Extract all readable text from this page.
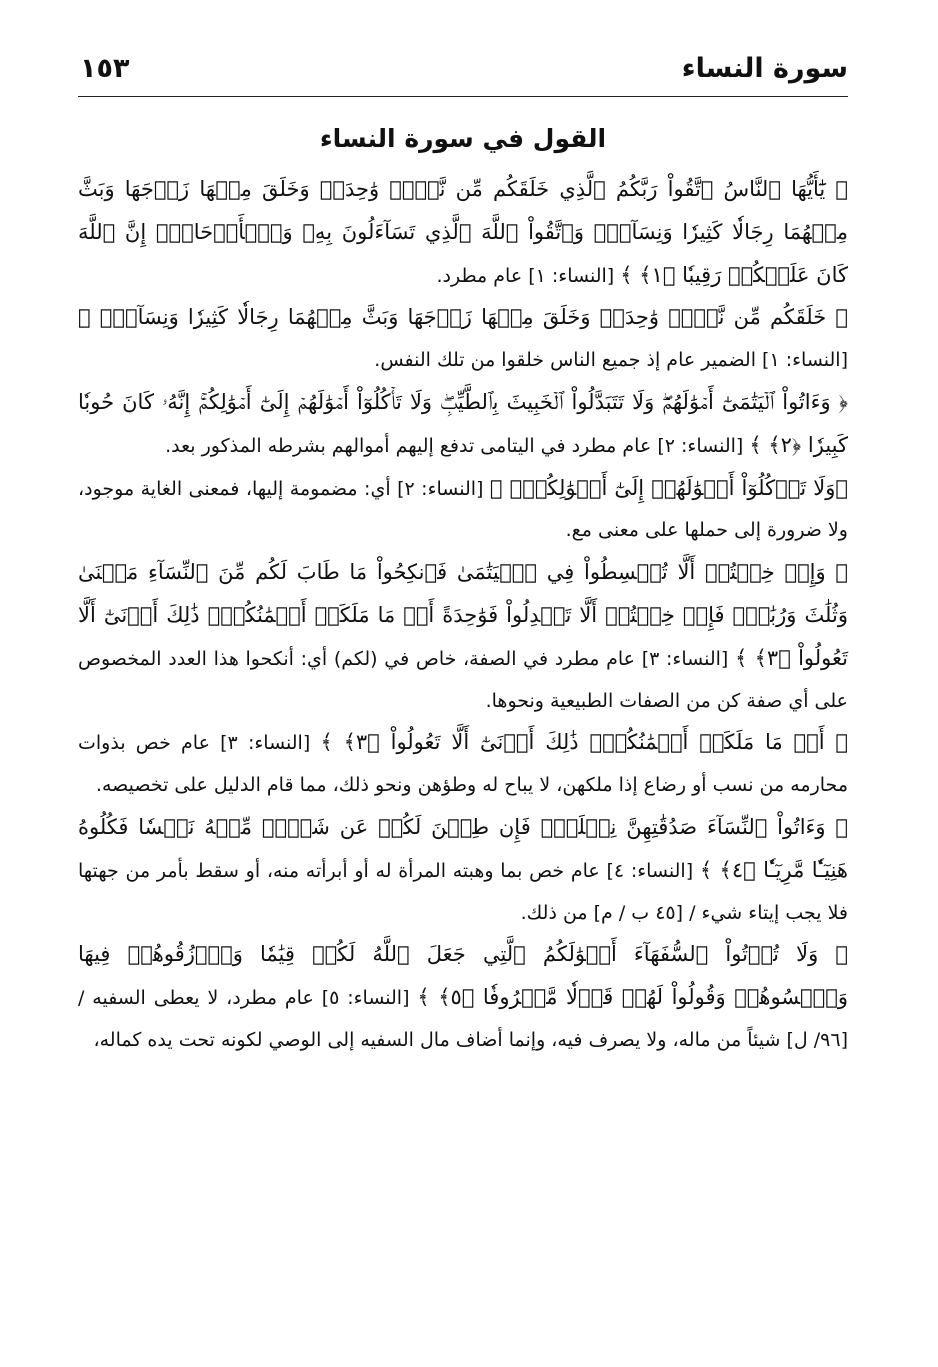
سورة النساء
١٥٣
القول في سورة النساء

﴿ يَٰٓأَيُّهَا ٱلنَّاسُ ٱتَّقُواْ رَبَّكُمُ ٱلَّذِي خَلَقَكُم مِّن نَّفۡسٖ وَٰحِدَةٖ وَخَلَقَ مِنۡهَا زَوۡجَهَا وَبَثَّ مِنۡهُمَا رِجَالٗا كَثِيرٗا وَنِسَآءٗۚ وَٱتَّقُواْ ٱللَّهَ ٱلَّذِي تَسَآءَلُونَ بِهِۦ وَٱلۡأَرۡحَامَۚ إِنَّ ٱللَّهَ كَانَ عَلَيۡكُمۡ رَقِيبٗا ﴿١﴾ ﴾ [النساء: ١] عام مطرد.

﴿ خَلَقَكُم مِّن نَّفۡسٖ وَٰحِدَةٖ وَخَلَقَ مِنۡهَا زَوۡجَهَا وَبَثَّ مِنۡهُمَا رِجَالٗا كَثِيرٗا وَنِسَآءٗۚ ﴾ [النساء: ١] الضمير عام إذ جميع الناس خلقوا من تلك النفس.

﴿ وَءَاتُواْ ٱلۡيَتَٰمَىٰٓ أَمۡوَٰلَهُمۡۖ وَلَا تَتَبَدَّلُواْ ٱلۡخَبِيثَ بِٱلطَّيِّبِۖ وَلَا تَأۡكُلُوٓاْ أَمۡوَٰلَهُمۡ إِلَىٰٓ أَمۡوَٰلِكُمۡۚ إِنَّهُۥ كَانَ حُوبٗا كَبِيرٗا ﴿٢﴾ ﴾ [النساء: ٢] عام مطرد في اليتامى تدفع إليهم أموالهم بشرطه المذكور بعد.

﴿وَلَا تَأۡكُلُوٓاْ أَمۡوَٰلَهُمۡ إِلَىٰٓ أَمۡوَٰلِكُمۡۚ ﴾ [النساء: ٢] أي: مضمومة إليها، فمعنى الغاية موجود، ولا ضرورة إلى حملها على معنى مع.

﴿ وَإِنۡ خِفۡتُمۡ أَلَّا تُقۡسِطُواْ فِي ٱلۡيَتَٰمَىٰ فَٱنكِحُواْ مَا طَابَ لَكُم مِّنَ ٱلنِّسَآءِ مَثۡنَىٰ وَثُلَٰثَ وَرُبَٰعَۖ فَإِنۡ خِفۡتُمۡ أَلَّا تَعۡدِلُواْ فَوَٰحِدَةً أَوۡ مَا مَلَكَتۡ أَيۡمَٰنُكُمۡۚ ذَٰلِكَ أَدۡنَىٰٓ أَلَّا تَعُولُواْ ﴿٣﴾ ﴾ [النساء: ٣] عام مطرد في الصفة، خاص في (لكم) أي: أنكحوا هذا العدد المخصوص على أي صفة كن من الصفات الطبيعية ونحوها.

﴿ أَوۡ مَا مَلَكَتۡ أَيۡمَٰنُكُمۡۚ ذَٰلِكَ أَدۡنَىٰٓ أَلَّا تَعُولُواْ ﴿٣﴾ ﴾ [النساء: ٣] عام خص بذوات محارمه من نسب أو رضاع إذا ملكهن، لا يباح له وطؤهن ونحو ذلك، مما قام الدليل على تخصيصه.

﴿ وَءَاتُواْ ٱلنِّسَآءَ صَدُقَٰتِهِنَّ نِحۡلَةٗۚ فَإِن طِبۡنَ لَكُمۡ عَن شَيۡءٖ مِّنۡهُ نَفۡسٗا فَكُلُوهُ هَنِيٓـٔٗا مَّرِيٓـٔٗا ﴿٤﴾ ﴾ [النساء: ٤] عام خص بما وهبته المرأة له أو أبرأته منه، أو سقط بأمر من جهتها فلا يجب إيتاء شيء / [٤٥ ب / م] من ذلك.

﴿ وَلَا تُؤۡتُواْ ٱلسُّفَهَآءَ أَمۡوَٰلَكُمُ ٱلَّتِي جَعَلَ ٱللَّهُ لَكُمۡ قِيَٰمٗا وَٱرۡزُقُوهُمۡ فِيهَا وَٱكۡسُوهُمۡ وَقُولُواْ لَهُمۡ قَوۡلٗا مَّعۡرُوفٗا ﴿٥﴾ ﴾ [النساء: ٥] عام مطرد، لا يعطى السفيه / [٩٦/ ل] شيئاً من ماله، ولا يصرف فيه، وإنما أضاف مال السفيه إلى الوصي لكونه تحت يده كماله،
